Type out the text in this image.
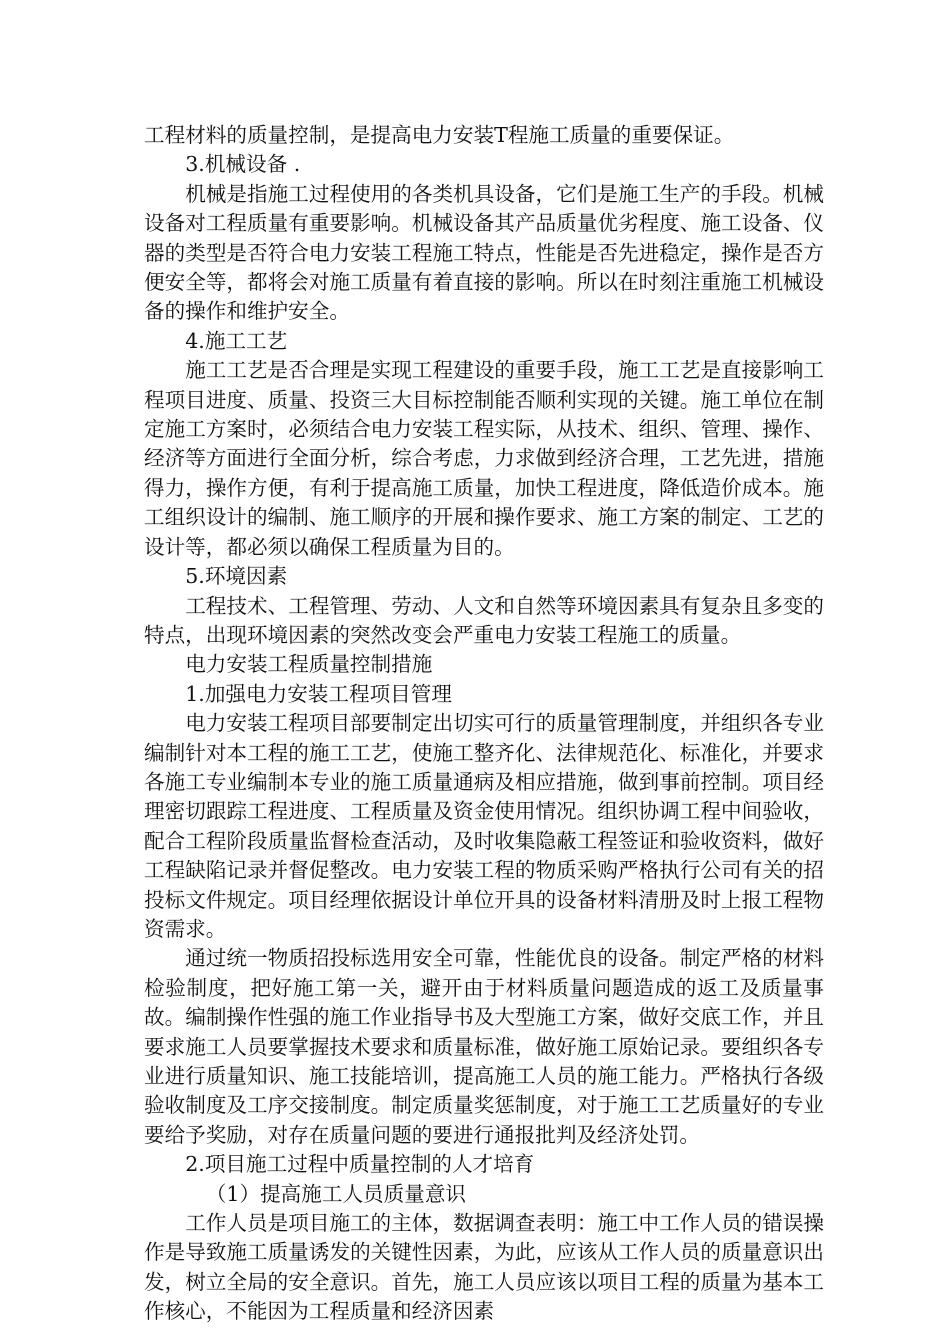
工程材料的质量控制，是提高电力安装T程施工质量的重要保证。

3.机械设备 .

机械是指施工过程使用的各类机具设备，它们是施工生产的手段。机械设备对工程质量有重要影响。机械设备其产品质量优劣程度、施工设备、仪器的类型是否符合电力安装工程施工特点，性能是否先进稳定，操作是否方便安全等，都将会对施工质量有着直接的影响。所以在时刻注重施工机械设备的操作和维护安全。

4.施工工艺

施工工艺是否合理是实现工程建设的重要手段，施工工艺是直接影响工程项目进度、质量、投资三大目标控制能否顺利实现的关键。施工单位在制定施工方案时，必须结合电力安装工程实际，从技术、组织、管理、操作、经济等方面进行全面分析，综合考虑，力求做到经济合理，工艺先进，措施得力，操作方便，有利于提高施工质量，加快工程进度，降低造价成本。施工组织设计的编制、施工顺序的开展和操作要求、施工方案的制定、工艺的设计等，都必须以确保工程质量为目的。

5.环境因素

工程技术、工程管理、劳动、人文和自然等环境因素具有复杂且多变的特点，出现环境因素的突然改变会严重电力安装工程施工的质量。

电力安装工程质量控制措施

1.加强电力安装工程项目管理

电力安装工程项目部要制定出切实可行的质量管理制度，并组织各专业编制针对本工程的施工工艺，使施工整齐化、法律规范化、标准化，并要求各施工专业编制本专业的施工质量通病及相应措施，做到事前控制。项目经理密切跟踪工程进度、工程质量及资金使用情况。组织协调工程中间验收，配合工程阶段质量监督检查活动，及时收集隐蔽工程签证和验收资料，做好工程缺陷记录并督促整改。电力安装工程的物质采购严格执行公司有关的招投标文件规定。项目经理依据设计单位开具的设备材料清册及时上报工程物资需求。

通过统一物质招投标选用安全可靠，性能优良的设备。制定严格的材料检验制度，把好施工第一关，避开由于材料质量问题造成的返工及质量事故。编制操作性强的施工作业指导书及大型施工方案，做好交底工作，并且要求施工人员要掌握技术要求和质量标准，做好施工原始记录。要组织各专业进行质量知识、施工技能培训，提高施工人员的施工能力。严格执行各级验收制度及工序交接制度。制定质量奖惩制度，对于施工工艺质量好的专业要给予奖励，对存在质量问题的要进行通报批判及经济处罚。

2.项目施工过程中质量控制的人才培育

（1）提高施工人员质量意识

工作人员是项目施工的主体，数据调查表明：施工中工作人员的错误操作是导致施工质量诱发的关键性因素，为此，应该从工作人员的质量意识出发，树立全局的安全意识。首先，施工人员应该以项目工程的质量为基本工作核心，不能因为工程质量和经济因素
